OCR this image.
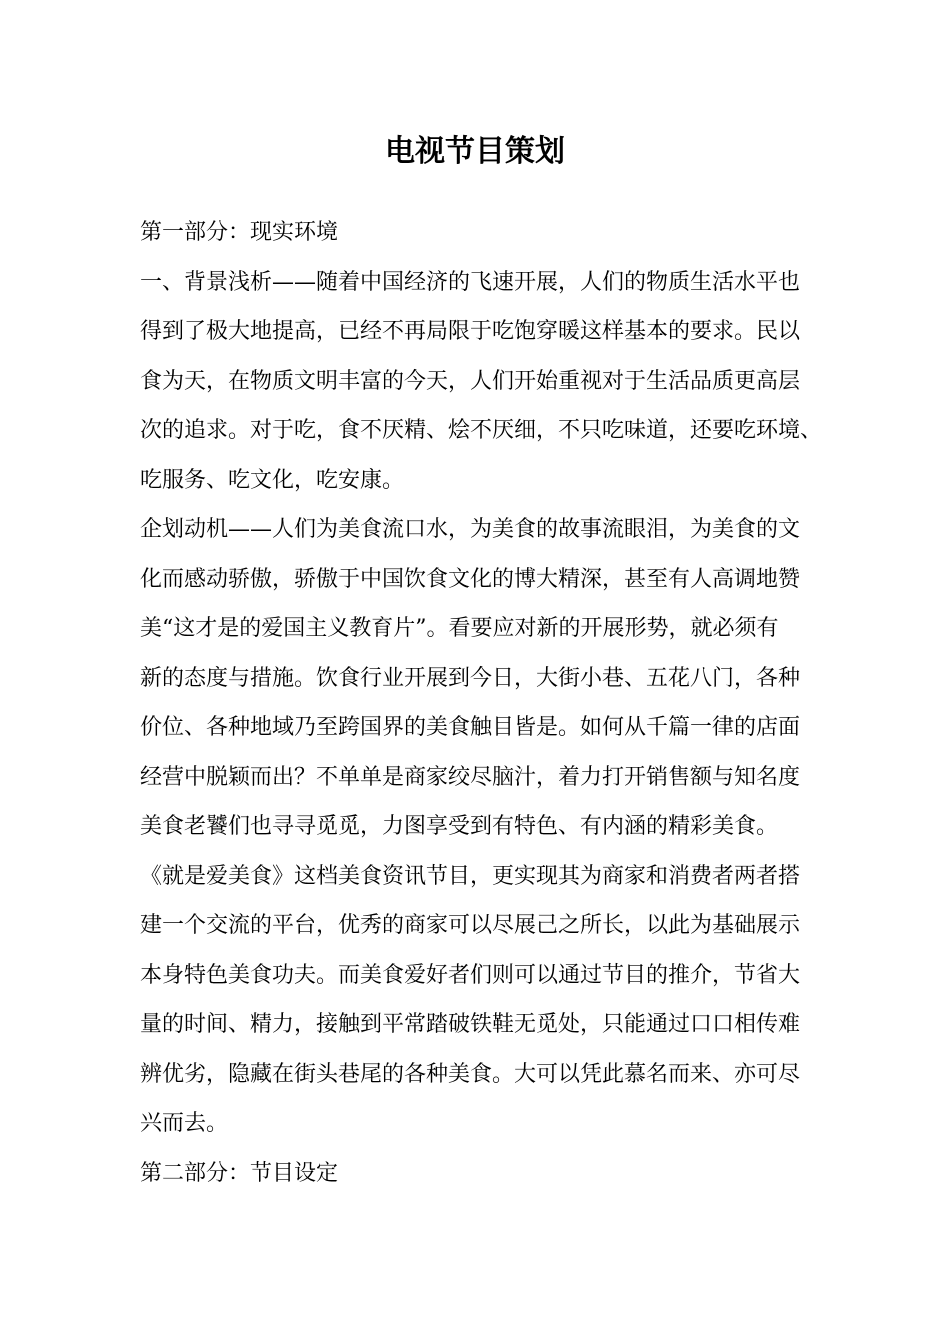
电视节目策划
第一部分：现实环境
一、背景浅析——随着中国经济的飞速开展，人们的物质生活水平也
得到了极大地提高，已经不再局限于吃饱穿暖这样基本的要求。民以
食为天，在物质文明丰富的今天，人们开始重视对于生活品质更高层
次的追求。对于吃，食不厌精、烩不厌细，不只吃味道，还要吃环境、
吃服务、吃文化，吃安康。
企划动机——人们为美食流口水，为美食的故事流眼泪，为美食的文
化而感动骄傲，骄傲于中国饮食文化的博大精深，甚至有人高调地赞
美“这才是的爱国主义教育片”。看要应对新的开展形势，就必须有
新的态度与措施。饮食行业开展到今日，大街小巷、五花八门，各种
价位、各种地域乃至跨国界的美食触目皆是。如何从千篇一律的店面
经营中脱颖而出？不单单是商家绞尽脑汁，着力打开销售额与知名度
美食老饕们也寻寻觅觅，力图享受到有特色、有内涵的精彩美食。
《就是爱美食》这档美食资讯节目，更实现其为商家和消费者两者搭
建一个交流的平台，优秀的商家可以尽展己之所长，以此为基础展示
本身特色美食功夫。而美食爱好者们则可以通过节目的推介，节省大
量的时间、精力，接触到平常踏破铁鞋无觅处，只能通过口口相传难
辨优劣，隐藏在街头巷尾的各种美食。大可以凭此慕名而来、亦可尽
兴而去。
第二部分：节目设定
